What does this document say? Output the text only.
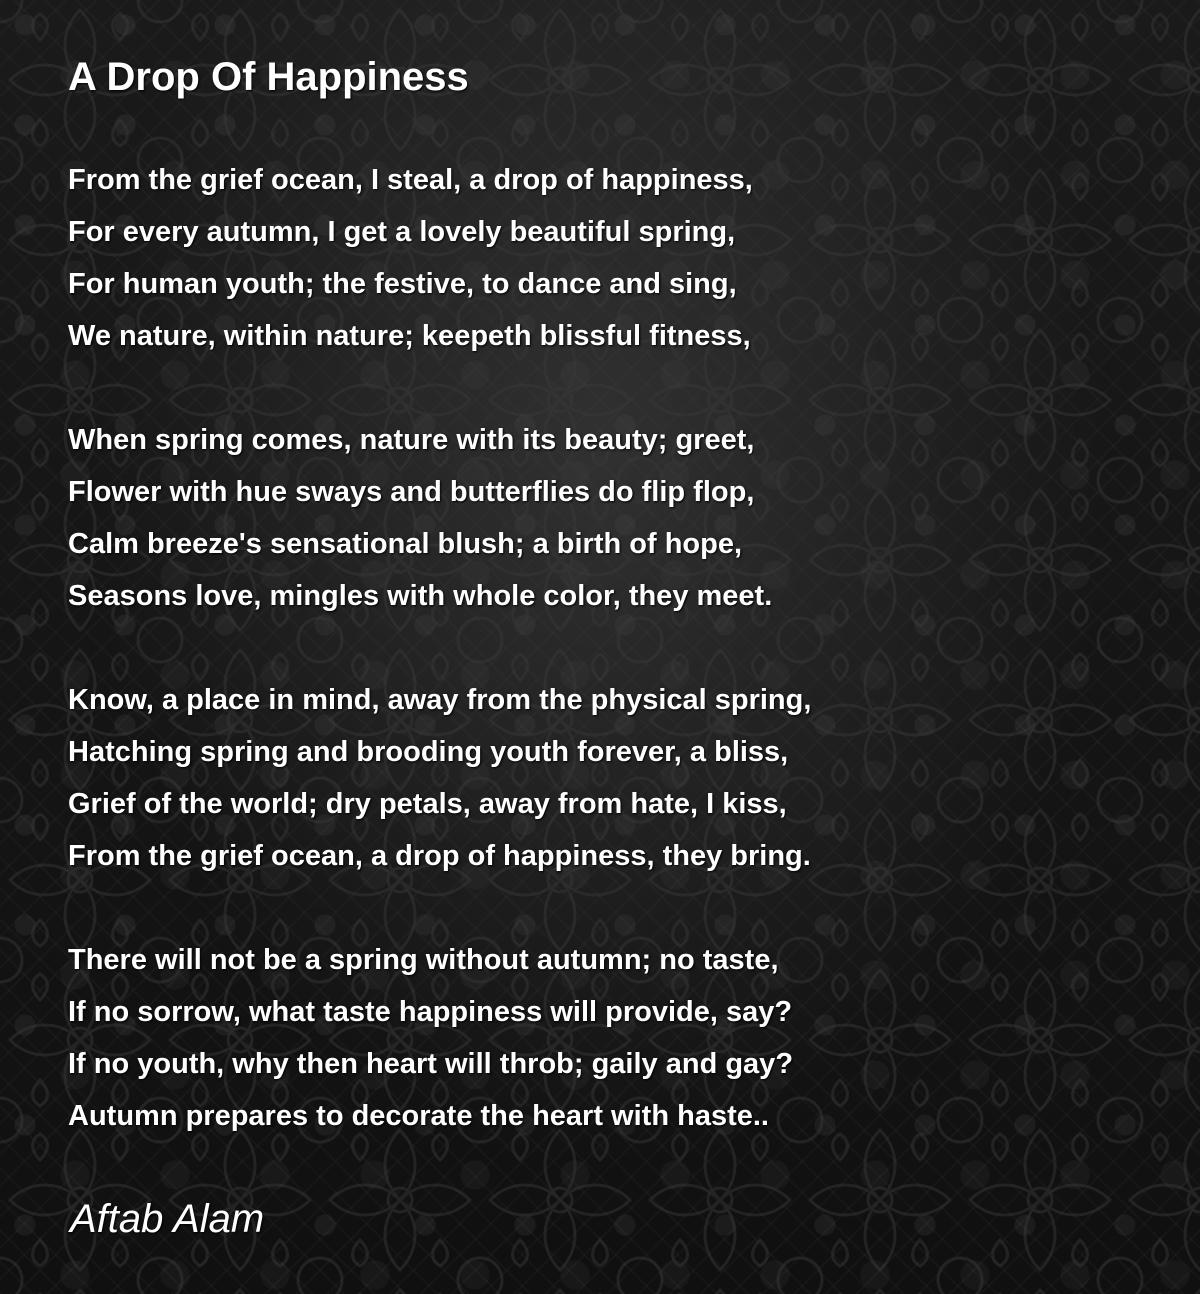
A Drop Of Happiness
From the grief ocean, I steal, a drop of happiness,
For every autumn, I get a lovely beautiful spring,
For human youth; the festive, to dance and sing,
We nature, within nature; keepeth blissful fitness,
When spring comes, nature with its beauty; greet,
Flower with hue sways and butterflies do flip flop,
Calm breeze's sensational blush; a birth of hope,
Seasons love, mingles with whole color, they meet.
Know, a place in mind, away from the physical spring,
Hatching spring and brooding youth forever, a bliss,
Grief of the world; dry petals, away from hate, I kiss,
From the grief ocean, a drop of happiness, they bring.
There will not be a spring without autumn; no taste,
If no sorrow, what taste happiness will provide, say?
If no youth, why then heart will throb; gaily and gay?
Autumn prepares to decorate the heart with haste..
Aftab Alam
